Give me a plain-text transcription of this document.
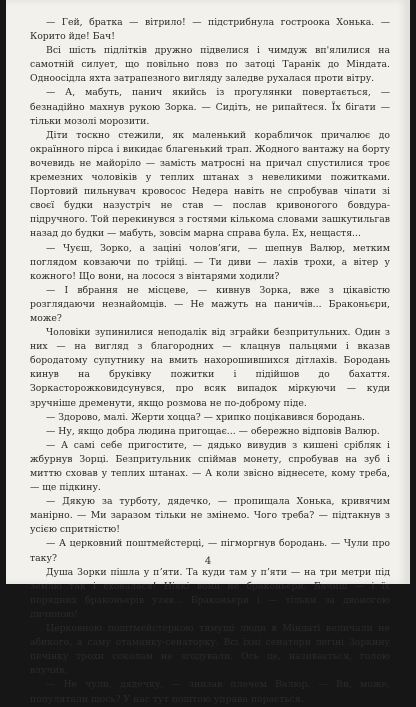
— Гей, братка — вітрило! — підстрибнула гостроока Хонька. — Корито йде! Бач!

Всі шість підлітків дружно підвелися і чимдуж вп'ялилися на самотній силует, що повільно повз по затоці Таранік до Міндата. Одноосідла яхта затрапезного вигляду заледве рухалася проти вітру.

— А, мабуть, панич якийсь із прогулянки повертається, — безнадійно махнув рукою Зорка. — Сидіть, не рипайтеся. Їх бігати — тільки мозолі морозити.

Діти тоскно стежили, як маленький корабличок причалює до окраїнного пірса і викидає благенький трап. Жодного вантажу на борту вочевидь не майоріло — замість матросні на причал спустилися троє кремезних чоловіків у теплих штанах з невеликими пожитками. Портовий пильнувач кровосос Недера навіть не спробував чіпати зі своєї будки назустріч не став — послав кривоногого бовдура-підручного. Той перекинувся з гостями кількома словами зашкутильгав назад до будки — мабуть, зовсім марна справа була. Ех, нещастя...

— Чуєш, Зорко, а заціні чоловʼяги, — шепнув Валюр, метким поглядом ковзаючи по трійці. — Ти диви — лахів трохи, а вітер у кожного! Що вони, на лосося з вінтарями ходили?

— І вбрання не місцеве, — кивнув Зорка, вже з цікавістю розглядаючи незнайомців. — Не мажуть на паничів... Браконьєри, може?

Чоловіки зупинилися неподалік від зграйки безпритульних. Один з них — на вигляд з благородних — клацнув пальцями і вказав бородатому супутнику на вмить нахорошившихся дітлахів. Бородань кинув на бруківку пожитки і підійшов до бахаття. Зоркасторожковидсунувся, про всяк випадок міркуючи — куди зручніше дременути, якщо розмова не по-доброму піде.

— Здорово, малі. Жерти хоцца? — хрипко поцікавився бородань.

— Ну, якщо добра людина пригощає... — обережно відповів Валюр.

— А самі себе пригостите, — дядько вивудив з кишені срібляк і жбурнув Зорці. Безпритульник спіймав монету, спробував на зуб і миттю сховав у теплих штанах. — А коли звісно віднесете, кому треба, — ще підкину.

— Дякую за турботу, дядечко, — пропищала Хонька, кривячим манірно. — Ми заразом тільки не змінемо. Чого треба? — підтакнув з усією спритністю!

— А церковний поштмейстерці, — пігморгнув бородань. — Чули про таку?

Душа Зорки пішла у пʼяти. Та куди там у пʼяти — на три метри під землю так і сховалася! Ніякі вони не браконьєри. Бачиш — і їх порядних браконьєрів узяв... Браконьєри і — тільки за двоногою дичиною!

Церковною поштмейстеркою тямущі люди в Міндаті величали не абикого, а саму отаманку-сенаторку. Всі їхні сенатори легіні Зоркину печінку трохи соколам не згодували. Ось це, називається, голою влучив.

— Не чули, дядечку, — знизав плечем Валюр. — Ви, може, популятали щось? У нас тут поштою управа порається.

4
